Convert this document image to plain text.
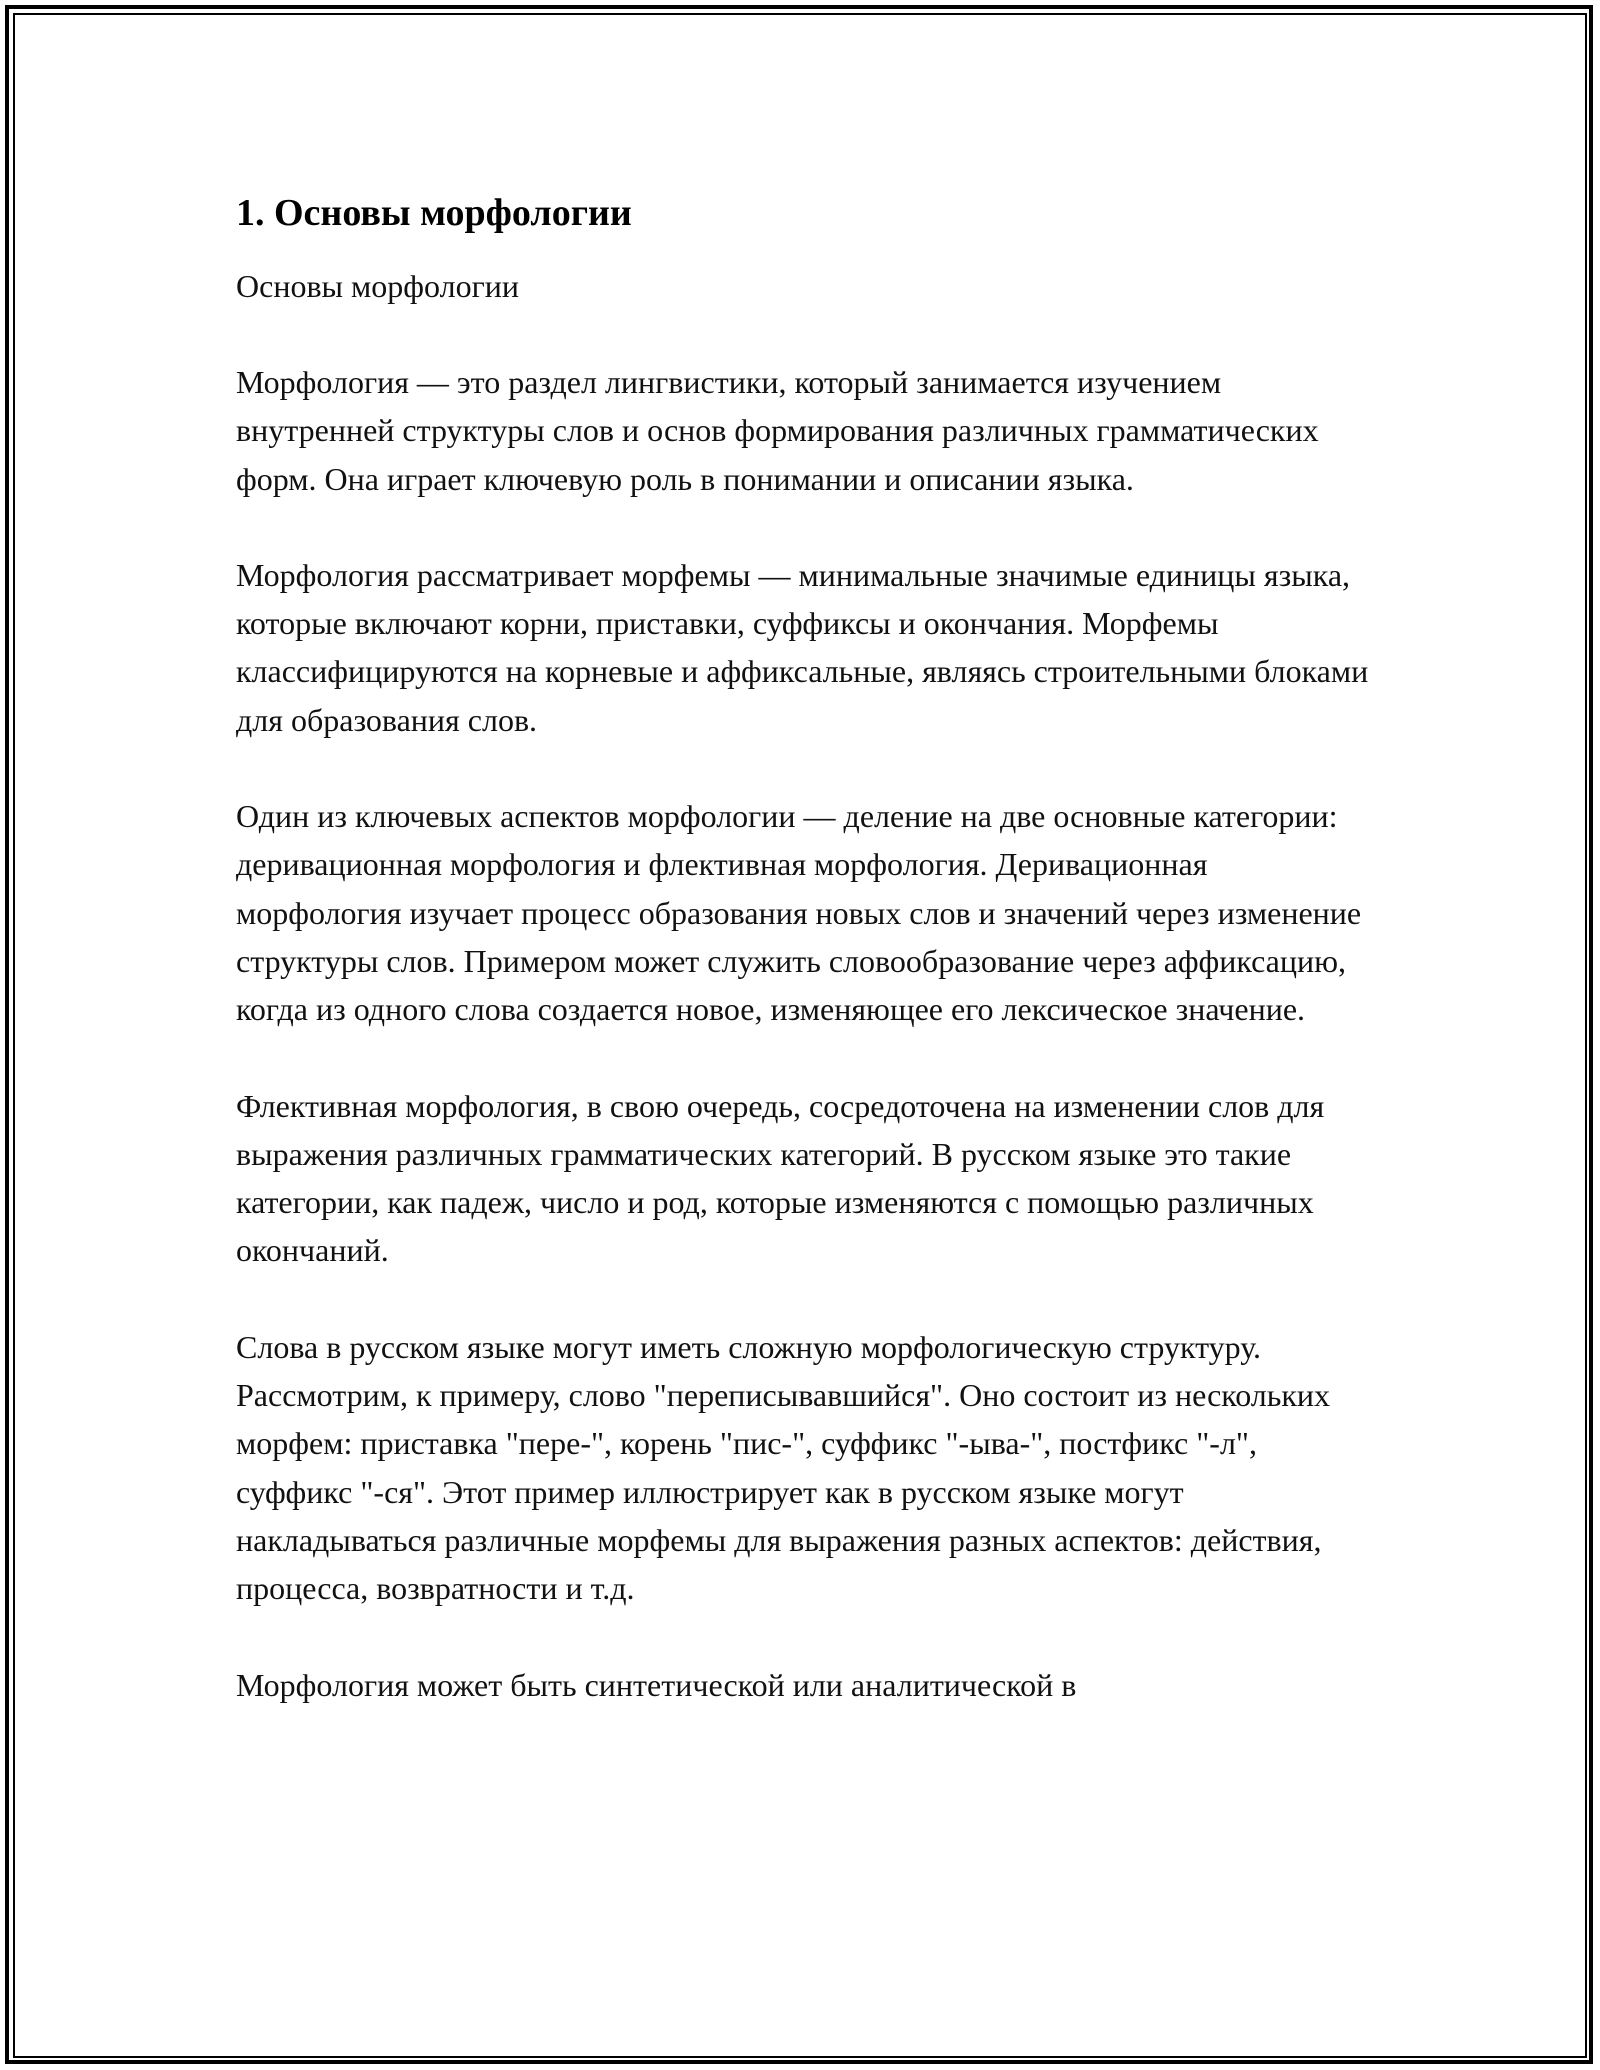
1. Основы морфологии

Основы морфологии

Морфология — это раздел лингвистики, который занимается изучением внутренней структуры слов и основ формирования различных грамматических форм. Она играет ключевую роль в понимании и описании языка.

Морфология рассматривает морфемы — минимальные значимые единицы языка, которые включают корни, приставки, суффиксы и окончания. Морфемы классифицируются на корневые и аффиксальные, являясь строительными блоками для образования слов.

Один из ключевых аспектов морфологии — деление на две основные категории: деривационная морфология и флективная морфология. Деривационная морфология изучает процесс образования новых слов и значений через изменение структуры слов. Примером может служить словообразование через аффиксацию, когда из одного слова создается новое, изменяющее его лексическое значение.

Флективная морфология, в свою очередь, сосредоточена на изменении слов для выражения различных грамматических категорий. В русском языке это такие категории, как падеж, число и род, которые изменяются с помощью различных окончаний.

Слова в русском языке могут иметь сложную морфологическую структуру. Рассмотрим, к примеру, слово "переписывавшийся". Оно состоит из нескольких морфем: приставка "пере-", корень "пис-", суффикс "-ыва-", постфикс "-л", суффикс "-ся". Этот пример иллюстрирует как в русском языке могут накладываться различные морфемы для выражения разных аспектов: действия, процесса, возвратности и т.д.

Морфология может быть синтетической или аналитической в
